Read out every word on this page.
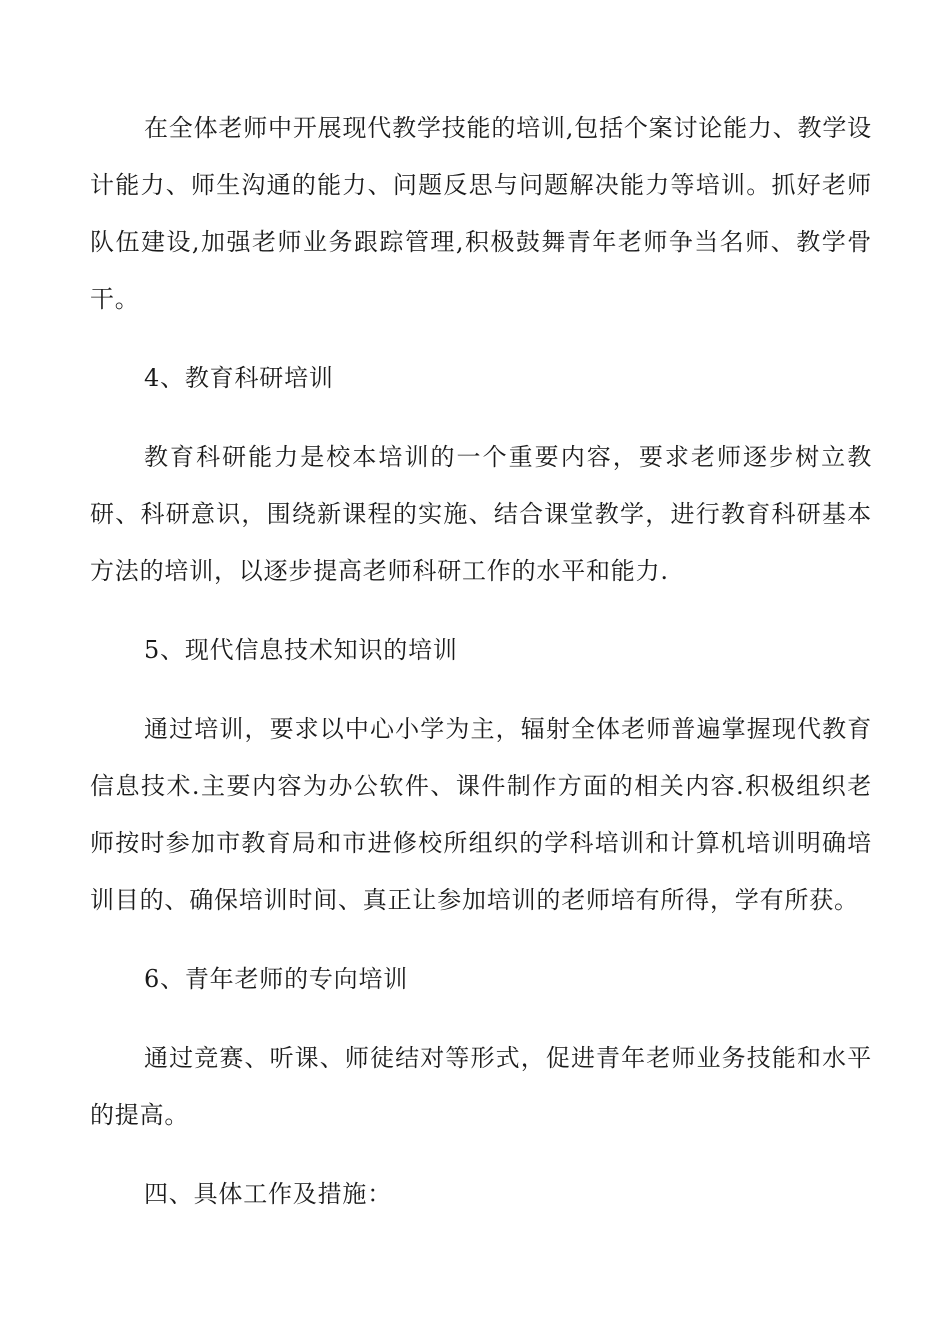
在全体老师中开展现代教学技能的培训,包括个案讨论能力、教学设计能力、师生沟通的能力、问题反思与问题解决能力等培训。抓好老师队伍建设,加强老师业务跟踪管理,积极鼓舞青年老师争当名师、教学骨干。

4、教育科研培训

教育科研能力是校本培训的一个重要内容，要求老师逐步树立教研、科研意识，围绕新课程的实施、结合课堂教学，进行教育科研基本方法的培训，以逐步提高老师科研工作的水平和能力.

5、现代信息技术知识的培训

通过培训，要求以中心小学为主，辐射全体老师普遍掌握现代教育信息技术.主要内容为办公软件、课件制作方面的相关内容.积极组织老师按时参加市教育局和市进修校所组织的学科培训和计算机培训明确培训目的、确保培训时间、真正让参加培训的老师培有所得，学有所获。

6、青年老师的专向培训

通过竞赛、听课、师徒结对等形式，促进青年老师业务技能和水平的提高。

四、具体工作及措施：
